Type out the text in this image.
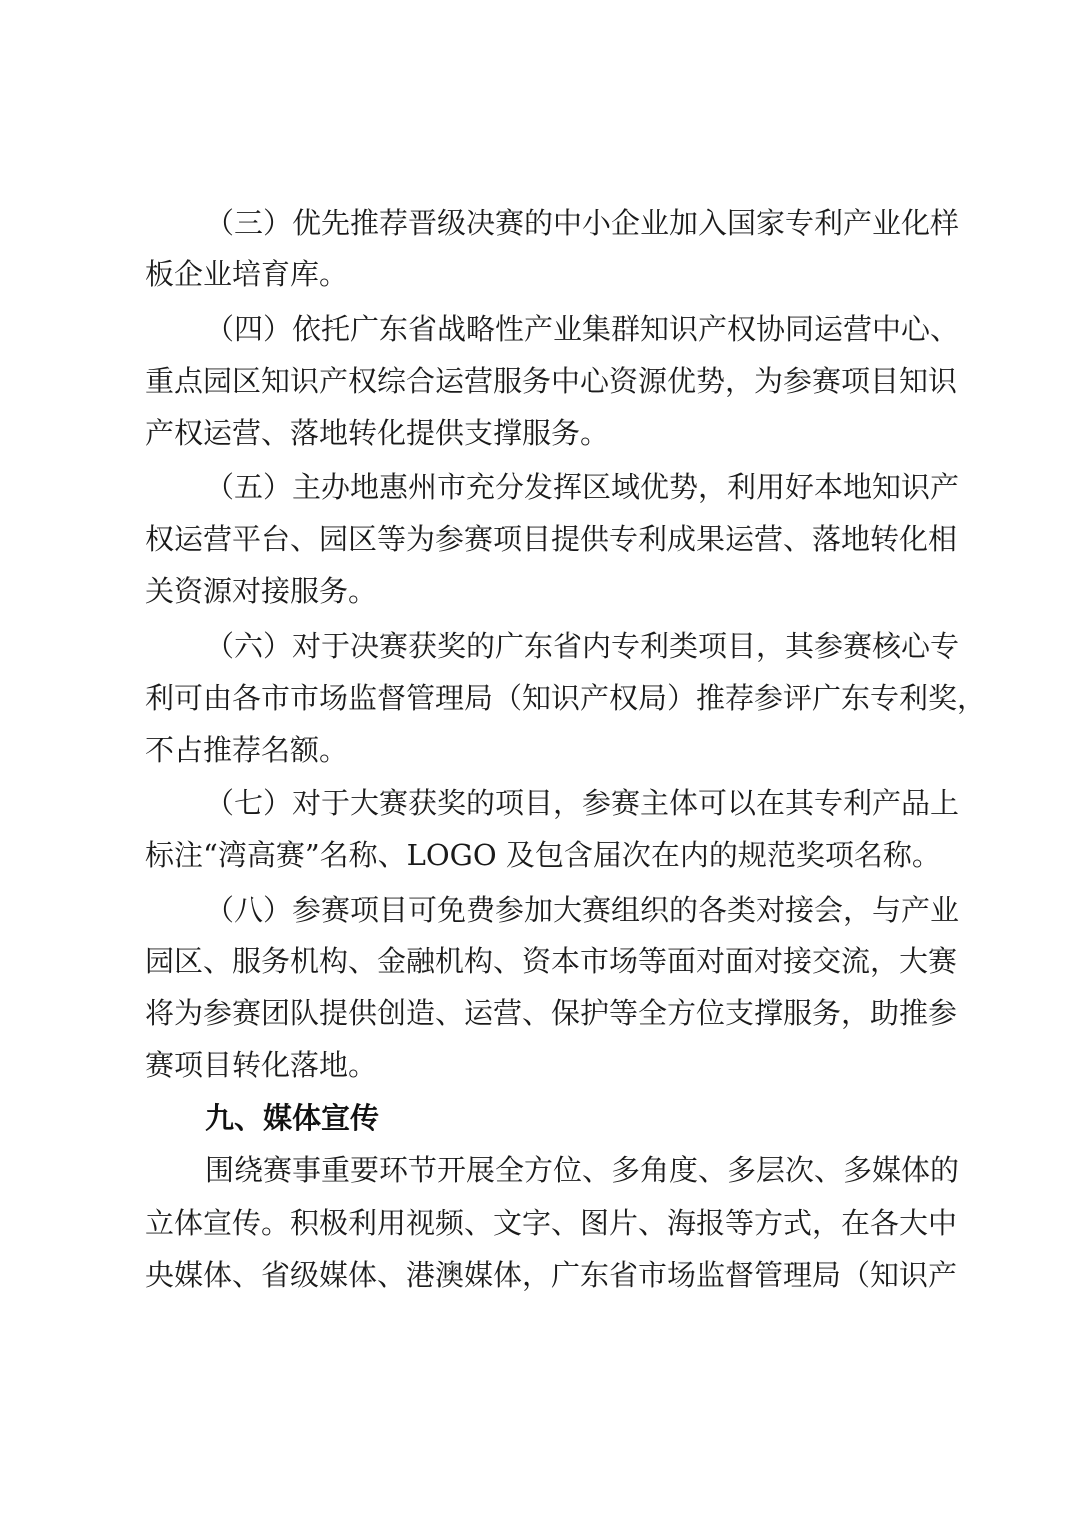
（三）优先推荐晋级决赛的中小企业加入国家专利产业化样
板企业培育库。
（四）依托广东省战略性产业集群知识产权协同运营中心、
重点园区知识产权综合运营服务中心资源优势，为参赛项目知识
产权运营、落地转化提供支撑服务。
（五）主办地惠州市充分发挥区域优势，利用好本地知识产
权运营平台、园区等为参赛项目提供专利成果运营、落地转化相
关资源对接服务。
（六）对于决赛获奖的广东省内专利类项目，其参赛核心专
利可由各市市场监督管理局（知识产权局）推荐参评广东专利奖，
不占推荐名额。
（七）对于大赛获奖的项目，参赛主体可以在其专利产品上
标注“湾高赛”名称、LOGO 及包含届次在内的规范奖项名称。
（八）参赛项目可免费参加大赛组织的各类对接会，与产业
园区、服务机构、金融机构、资本市场等面对面对接交流，大赛
将为参赛团队提供创造、运营、保护等全方位支撑服务，助推参
赛项目转化落地。
九、媒体宣传
围绕赛事重要环节开展全方位、多角度、多层次、多媒体的
立体宣传。积极利用视频、文字、图片、海报等方式，在各大中
央媒体、省级媒体、港澳媒体，广东省市场监督管理局（知识产
